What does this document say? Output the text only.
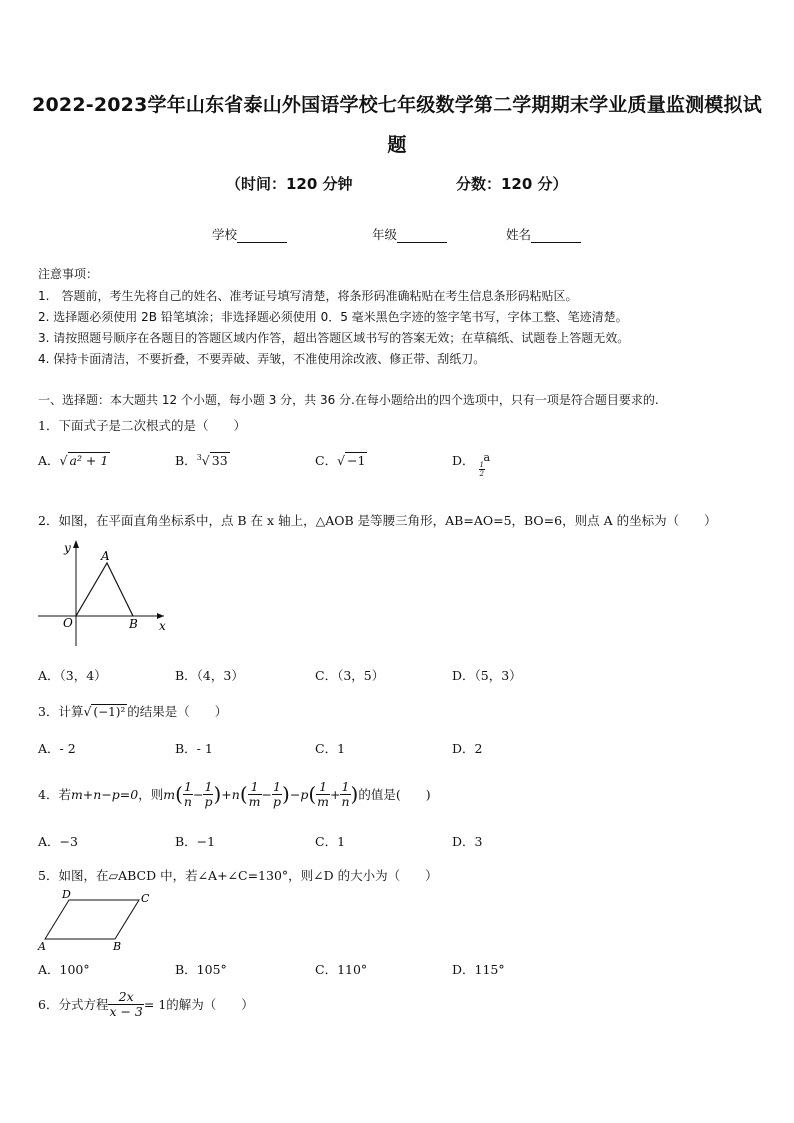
2022-2023学年山东省泰山外国语学校七年级数学第二学期期末学业质量监测模拟试
题
（时间：120 分钟	分数：120 分）
学校	年级	姓名
注意事项：
1.　答题前，考生先将自己的姓名、准考证号填写清楚，将条形码准确粘贴在考生信息条形码粘贴区。
2. 选择题必须使用 2B 铅笔填涂；非选择题必须使用 0．5 毫米黑色字迹的签字笔书写，字体工整、笔迹清楚。
3. 请按照题号顺序在各题目的答题区域内作答，超出答题区域书写的答案无效；在草稿纸、试题卷上答题无效。
4. 保持卡面清洁，不要折叠，不要弄破、弄皱，不准使用涂改液、修正带、刮纸刀。
一、选择题：本大题共 12 个小题，每小题 3 分，共 36 分.在每小题给出的四个选项中，只有一项是符合题目要求的.
1．下面式子是二次根式的是（　　）
A．√ a² + 1	B．$^3$√ 33	C．√ −1	D． a
$\frac{1}{2}$
2．如图，在平面直角坐标系中，点 B 在 x 轴上，△AOB 是等腰三角形，AB=AO=5，BO=6，则点 A 的坐标为（　　）
y
x
O
A
B
A．（3，4）	B．（4，3）	C．（3，5）	D．（5，3）
3．计算√ (−1)² 的结果是（　　）
A．- 2	B．- 1	C．1	D．2
4．若 m+n−p=0 ，则 m ( $\frac{1}{n} - \frac{1}{p}$ ) + n ( $\frac{1}{m} - \frac{1}{p}$ ) − p ( $\frac{1}{m} + \frac{1}{n}$ ) 的值是(　　)
A．−3	B．−1	C．1	D．3
5．如图，在▱ABCD 中，若∠A+∠C=130°，则∠D 的大小为（　　）
A	B
C
D
A．100°	B．105°	C．110°	D．115°
6．分式方程 $\frac{2x}{x - 3} = 1$ 的解为（　　）
